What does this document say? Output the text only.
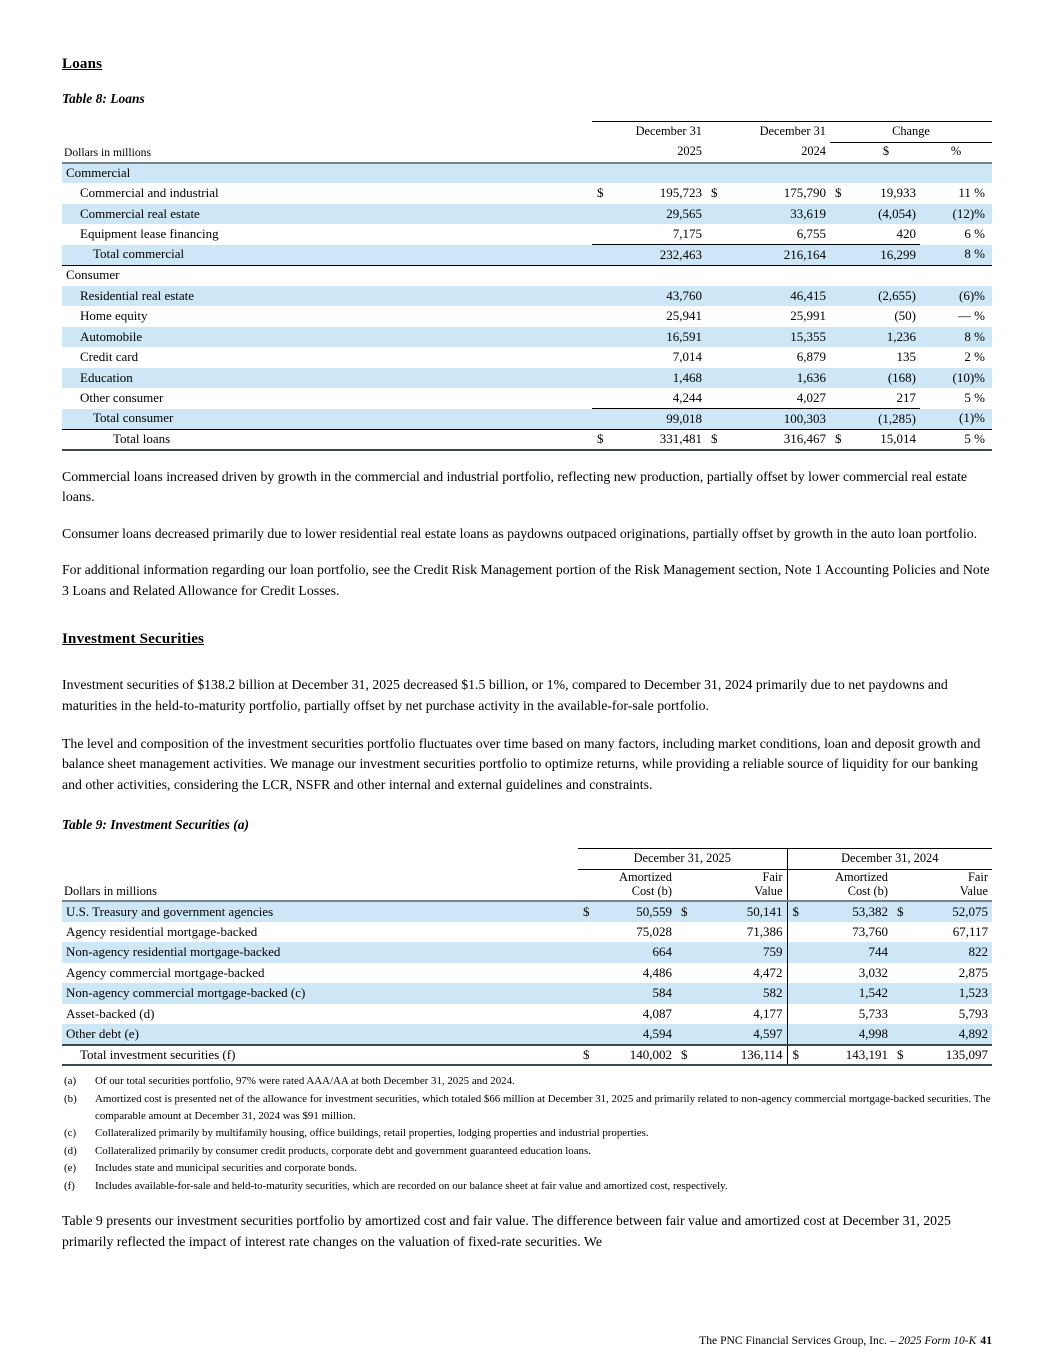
Loans
Table 8: Loans
	December 31		December 31		Change		
Dollars in millions	2025		2024			$	%
Commercial							
Commercial and industrial	$	195,723	$	175,790	$	19,933	11 %
Commercial real estate		29,565		33,619		(4,054)	(12)%
Equipment lease financing		7,175		6,755		420	6 %
Total commercial		232,463		216,164		16,299	8 %
Consumer							
Residential real estate		43,760		46,415		(2,655)	(6)%
Home equity		25,941		25,991		(50)	— %
Automobile		16,591		15,355		1,236	8 %
Credit card		7,014		6,879		135	2 %
Education		1,468		1,636		(168)	(10)%
Other consumer		4,244		4,027		217	5 %
Total consumer		99,018		100,303		(1,285)	(1)%
Total loans	$	331,481	$	316,467	$	15,014	5 %

Commercial loans increased driven by growth in the commercial and industrial portfolio, reflecting new production, partially offset by lower commercial real estate loans.

Consumer loans decreased primarily due to lower residential real estate loans as paydowns outpaced originations, partially offset by growth in the auto loan portfolio.

For additional information regarding our loan portfolio, see the Credit Risk Management portion of the Risk Management section, Note 1 Accounting Policies and Note 3 Loans and Related Allowance for Credit Losses.

Investment Securities

Investment securities of $138.2 billion at December 31, 2025 decreased $1.5 billion, or 1%, compared to December 31, 2024 primarily due to net paydowns and maturities in the held-to-maturity portfolio, partially offset by net purchase activity in the available-for-sale portfolio.

The level and composition of the investment securities portfolio fluctuates over time based on many factors, including market conditions, loan and deposit growth and balance sheet management activities. We manage our investment securities portfolio to optimize returns, while providing a reliable source of liquidity for our banking and other activities, considering the LCR, NSFR and other internal and external guidelines and constraints.

Table 9: Investment Securities (a)
	December 31, 2025				December 31, 2024			
Dollars in millions	
Amortized
Cost (b)

Fair
Value

Amortized
Cost (b)

Fair
Value

U.S. Treasury and government agencies	$	50,559	$	50,141	$	53,382	$	52,075
Agency residential mortgage-backed		75,028		71,386		73,760		67,117
Non-agency residential mortgage-backed		664		759		744		822
Agency commercial mortgage-backed		4,486		4,472		3,032		2,875
Non-agency commercial mortgage-backed (c)		584		582		1,542		1,523
Asset-backed (d)		4,087		4,177		5,733		5,793
Other debt (e)		4,594		4,597		4,998		4,892
Total investment securities (f)	$	140,002	$	136,114	$	143,191	$	135,097
(a)	Of our total securities portfolio, 97% were rated AAA/AA at both December 31, 2025 and 2024.
(b)	Amortized cost is presented net of the allowance for investment securities, which totaled $66 million at December 31, 2025 and primarily related to non-agency commercial mortgage-backed securities. The comparable amount at December 31, 2024 was $91 million.
(c)	Collateralized primarily by multifamily housing, office buildings, retail properties, lodging properties and industrial properties.
(d)	Collateralized primarily by consumer credit products, corporate debt and government guaranteed education loans.
(e)	Includes state and municipal securities and corporate bonds.
(f)	Includes available-for-sale and held-to-maturity securities, which are recorded on our balance sheet at fair value and amortized cost, respectively.

Table 9 presents our investment securities portfolio by amortized cost and fair value. The difference between fair value and amortized cost at December 31, 2025 primarily reflected the impact of interest rate changes on the valuation of fixed-rate securities. We

The PNC Financial Services Group, Inc. – 2025 Form 10-K 41
